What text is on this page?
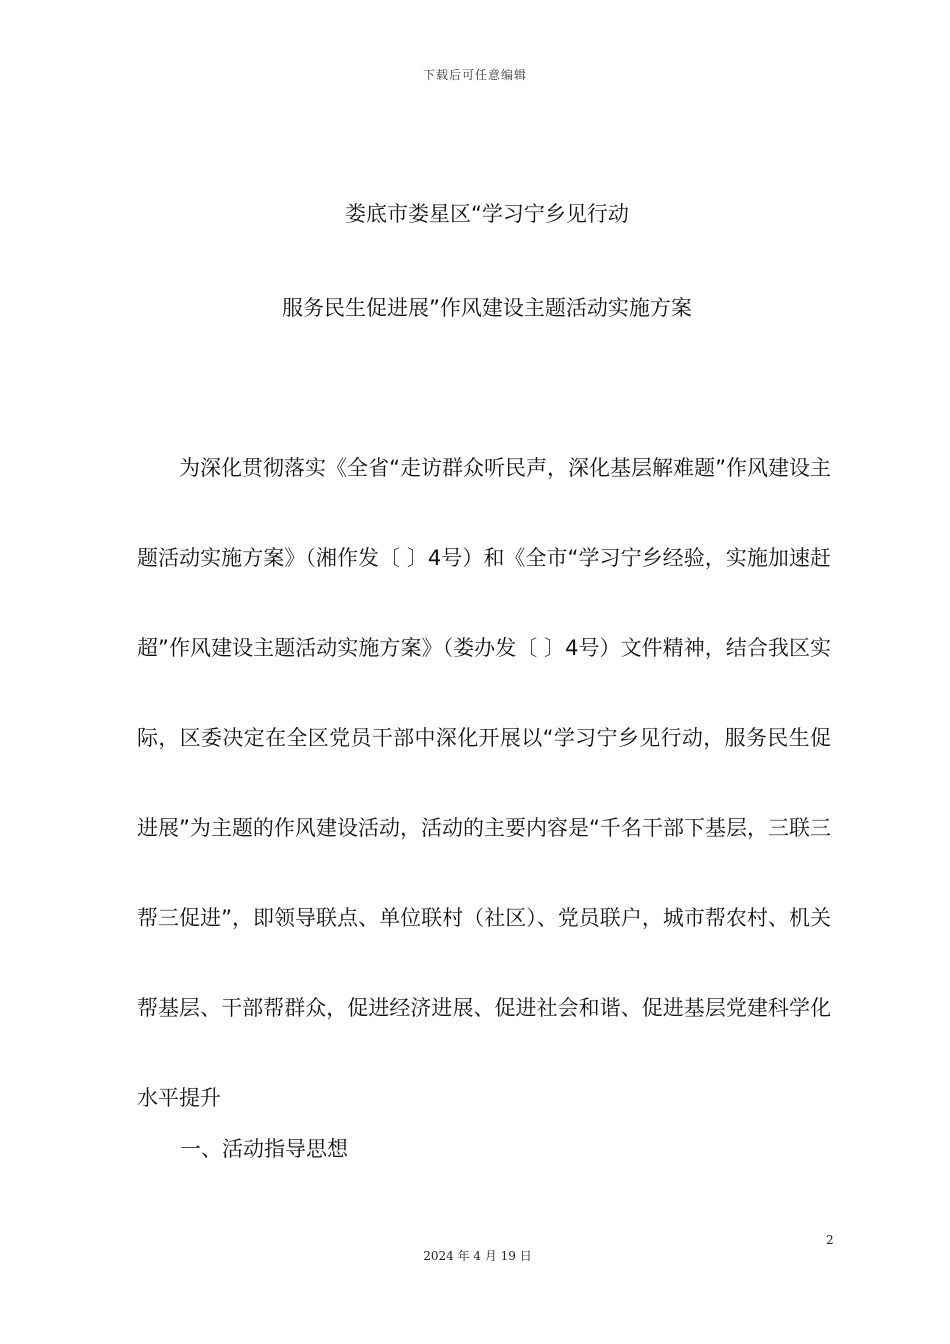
下载后可任意编辑
娄底市娄星区“学习宁乡见行动
服务民生促进展”作风建设主题活动实施方案

为深化贯彻落实《全省“走访群众听民声，深化基层解难题”作风建设主题活动实施方案》（湘作发〔 〕4号）和《全市“学习宁乡经验，实施加速赶超”作风建设主题活动实施方案》（娄办发〔 〕4号）文件精神，结合我区实际，区委决定在全区党员干部中深化开展以“学习宁乡见行动，服务民生促进展”为主题的作风建设活动，活动的主要内容是“千名干部下基层，三联三帮三促进”，即领导联点、单位联村（社区）、党员联户，城市帮农村、机关帮基层、干部帮群众，促进经济进展、促进社会和谐、促进基层党建科学化水平提升

一、活动指导思想

2
2024 年 4 月 19 日
